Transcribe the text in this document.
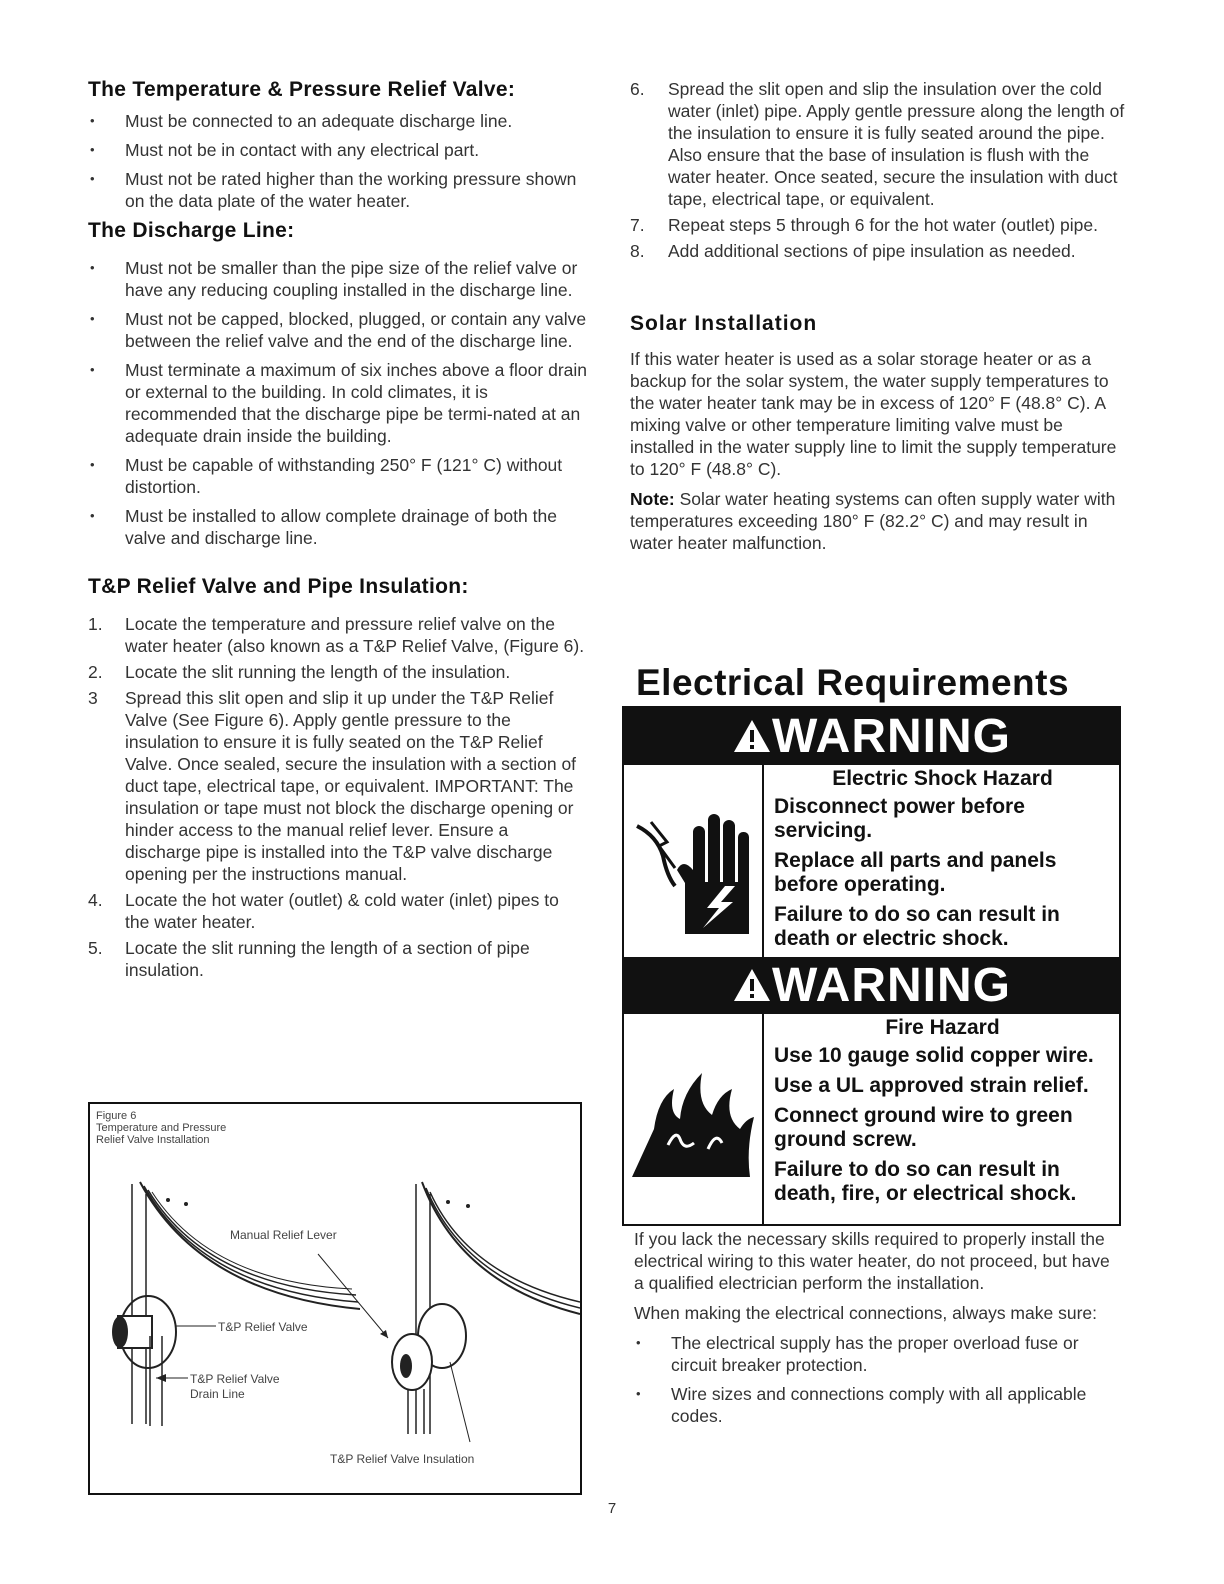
The Temperature & Pressure Relief Valve:
• Must be connected to an adequate discharge line.
• Must not be in contact with any electrical part.
• Must not be rated higher than the working pressure shown on the data plate of the water heater.
The Discharge Line:
• Must not be smaller than the pipe size of the relief valve or have any reducing coupling installed in the discharge line.
• Must not be capped, blocked, plugged, or contain any valve between the relief valve and the end of the discharge line.
• Must terminate a maximum of six inches above a floor drain or external to the building. In cold climates, it is recommended that the discharge pipe be termi-nated at an adequate drain inside the building.
• Must be capable of withstanding 250° F (121° C) without distortion.
• Must be installed to allow complete drainage of both the valve and discharge line.
T&P Relief Valve and Pipe Insulation:
1. Locate the temperature and pressure relief valve on the water heater (also known as a T&P Relief Valve, (Figure 6).
2. Locate the slit running the length of the insulation.
3 Spread this slit open and slip it up under the T&P Relief Valve (See Figure 6). Apply gentle pressure to the insulation to ensure it is fully seated on the T&P Relief Valve. Once sealed, secure the insulation with a section of duct tape, electrical tape, or equivalent. IMPORTANT: The insulation or tape must not block the discharge opening or hinder access to the manual relief lever. Ensure a discharge pipe is installed into the T&P valve discharge opening per the instructions manual.
4. Locate the hot water (outlet) & cold water (inlet) pipes to the water heater.
5. Locate the slit running the length of a section of pipe insulation.
Figure 6
Temperature and Pressure
Relief Valve Installation
Manual Relief Lever
T&P Relief Valve
T&P Relief Valve
Drain Line
T&P Relief Valve Insulation
6. Spread the slit open and slip the insulation over the cold water (inlet) pipe. Apply gentle pressure along the length of the insulation to ensure it is fully seated around the pipe. Also ensure that the base of insulation is flush with the water heater. Once seated, secure the insulation with duct tape, electrical tape, or equivalent.
7. Repeat steps 5 through 6 for the hot water (outlet) pipe.
8. Add additional sections of pipe insulation as needed.
Solar Installation

If this water heater is used as a solar storage heater or as a backup for the solar system, the water supply temperatures to the water heater tank may be in excess of 120° F (48.8° C). A mixing valve or other temperature limiting valve must be installed in the water supply line to limit the supply temperature to 120° F (48.8° C).

Note: Solar water heating systems can often supply water with temperatures exceeding 180° F (82.2° C) and may result in water heater malfunction.

Electrical Requirements
WARNING
Electric Shock Hazard
Disconnect power before servicing.
Replace all parts and panels before operating.
Failure to do so can result in death or electric shock.
WARNING
Fire Hazard
Use 10 gauge solid copper wire.
Use a UL approved strain relief.
Connect ground wire to green ground screw.
Failure to do so can result in death, fire, or electrical shock.

If you lack the necessary skills required to properly install the electrical wiring to this water heater, do not proceed, but have a qualified electrician perform the installation.

When making the electrical connections, always make sure:

• The electrical supply has the proper overload fuse or circuit breaker protection.
• Wire sizes and connections comply with all applicable codes.
7
